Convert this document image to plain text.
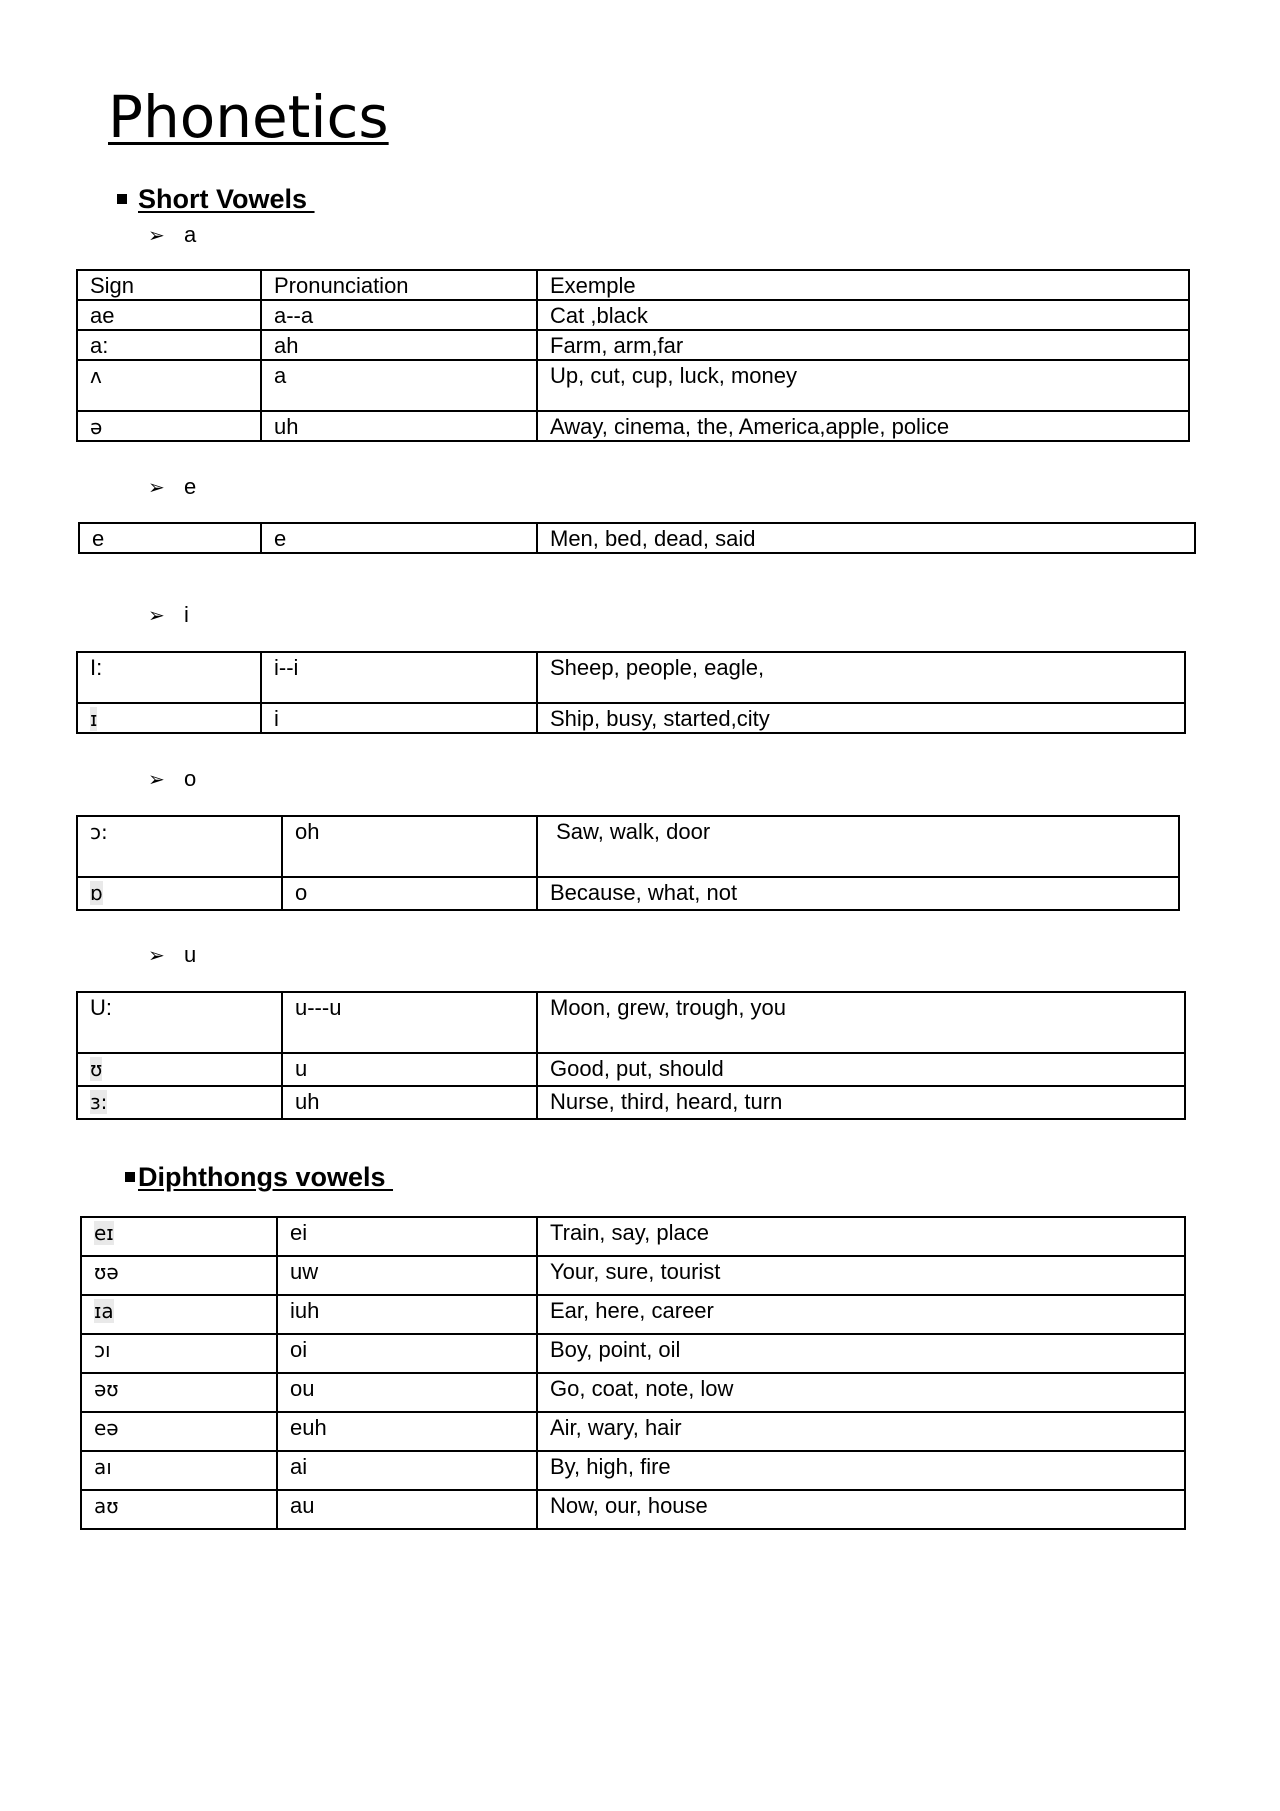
Phonetics
Short Vowels
➢ a
Sign	Pronunciation	Exemple
ae	a--a	Cat ,black
a:	ah	Farm, arm,far
ʌ	a	Up, cut, cup, luck, money
ə	uh	Away, cinema, the, America,apple, police
➢ e
e	e	Men, bed, dead, said
➢ i
I:	i--i	Sheep, people, eagle,
ɪ	i	Ship, busy, started,city
➢ o
ɔ:	oh	Saw, walk, door
ɒ	o	Because, what, not
➢ u
U:	u---u	Moon, grew, trough, you
ʊ	u	Good, put, should
ɜ:	uh	Nurse, third, heard, turn
Diphthongs vowels
eɪ	ei	Train, say, place
ʊə	uw	Your, sure, tourist
ɪa	iuh	Ear, here, career
ɔı	oi	Boy, point, oil
əʊ	ou	Go, coat, note, low
eə	euh	Air, wary, hair
aı	ai	By, high, fire
aʊ	au	Now, our, house
